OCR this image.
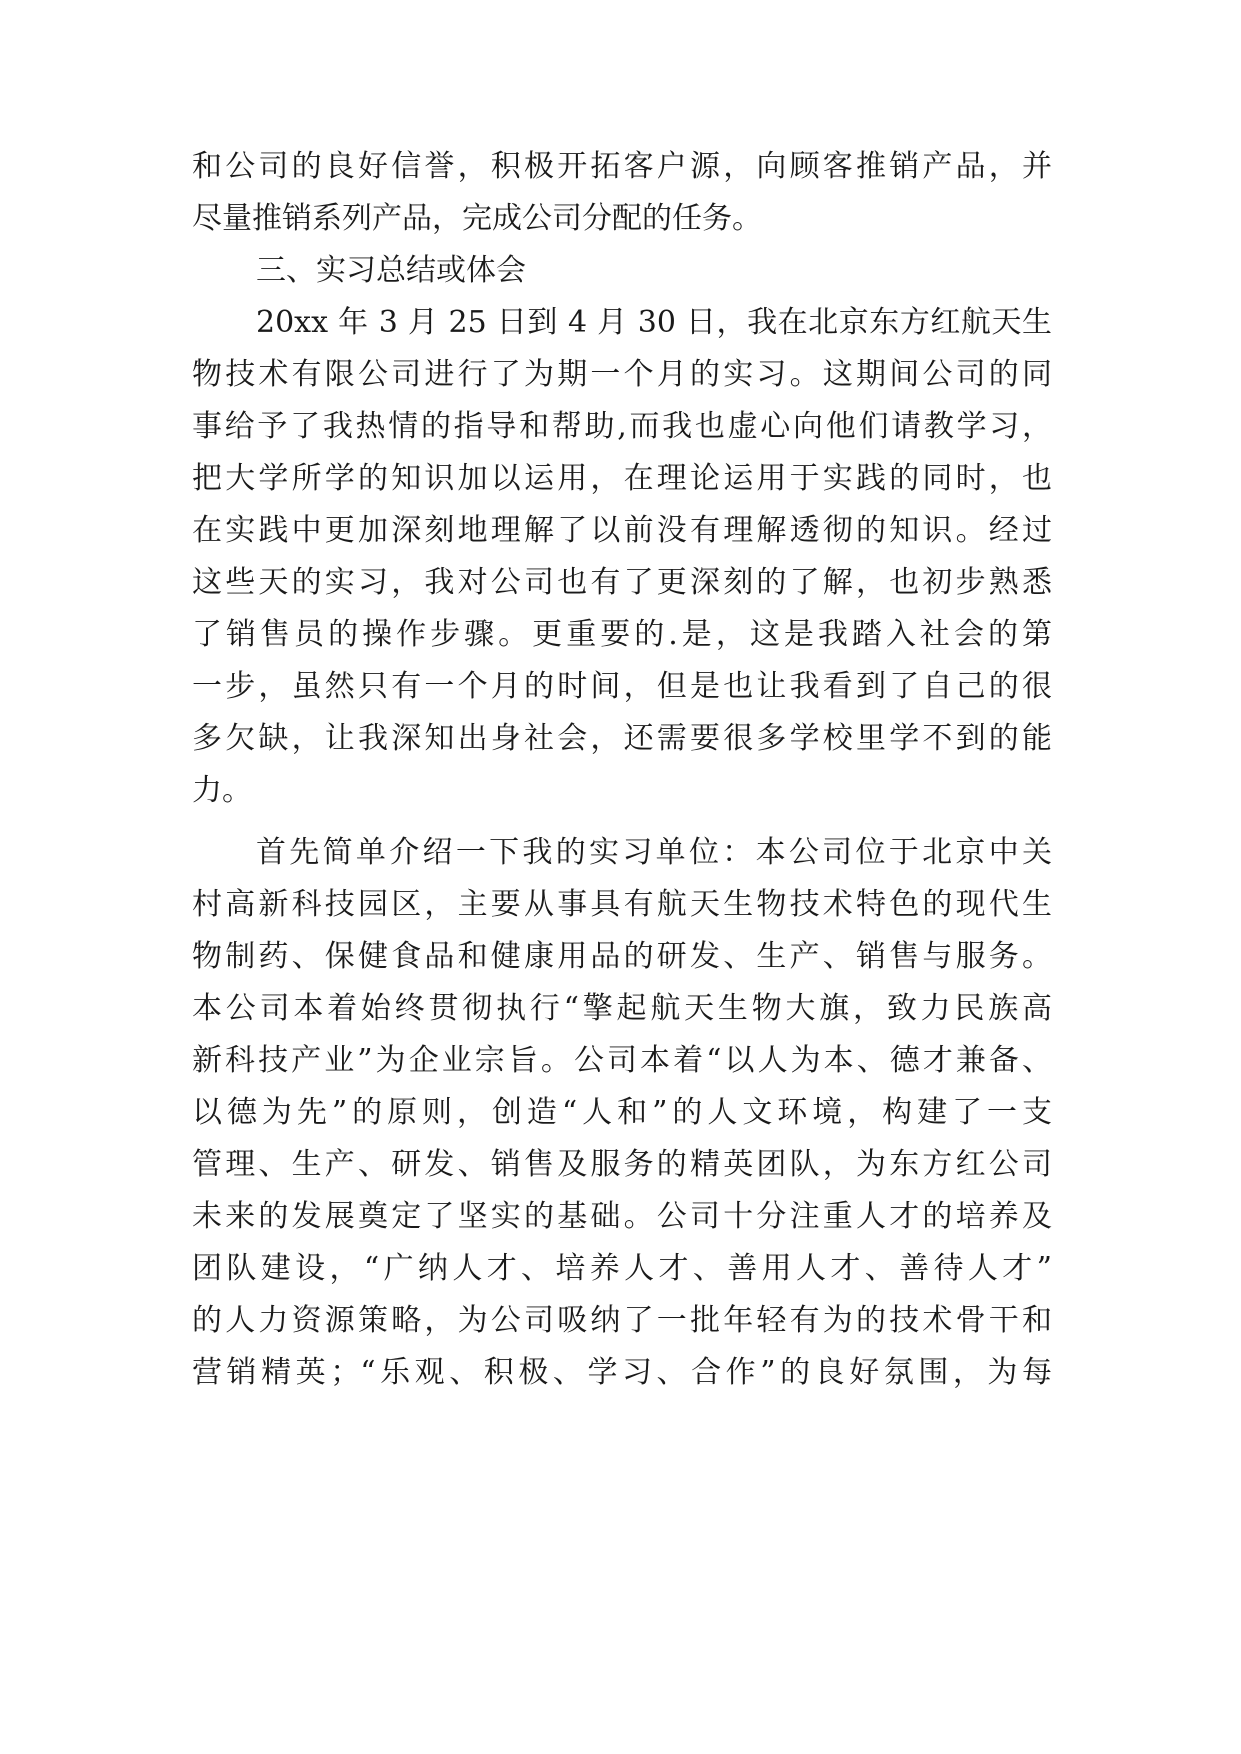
和公司的良好信誉，积极开拓客户源，向顾客推销产品，并
尽量推销系列产品，完成公司分配的任务。
三、实习总结或体会
20xx 年 3 月 25 日到 4 月 30 日，我在北京东方红航天生
物技术有限公司进行了为期一个月的实习。这期间公司的同
事给予了我热情的指导和帮助,而我也虚心向他们请教学习，
把大学所学的知识加以运用，在理论运用于实践的同时，也
在实践中更加深刻地理解了以前没有理解透彻的知识。经过
这些天的实习，我对公司也有了更深刻的了解，也初步熟悉
了销售员的操作步骤。更重要的.是，这是我踏入社会的第
一步，虽然只有一个月的时间，但是也让我看到了自己的很
多欠缺，让我深知出身社会，还需要很多学校里学不到的能
力。
首先简单介绍一下我的实习单位：本公司位于北京中关
村高新科技园区，主要从事具有航天生物技术特色的现代生
物制药、保健食品和健康用品的研发、生产、销售与服务。
本公司本着始终贯彻执行“擎起航天生物大旗，致力民族高
新科技产业”为企业宗旨。公司本着“以人为本、德才兼备、
以德为先”的原则，创造“人和”的人文环境，构建了一支
管理、生产、研发、销售及服务的精英团队，为东方红公司
未来的发展奠定了坚实的基础。公司十分注重人才的培养及
团队建设，“广纳人才、培养人才、善用人才、善待人才”
的人力资源策略，为公司吸纳了一批年轻有为的技术骨干和
营销精英；“乐观、积极、学习、合作”的良好氛围，为每
